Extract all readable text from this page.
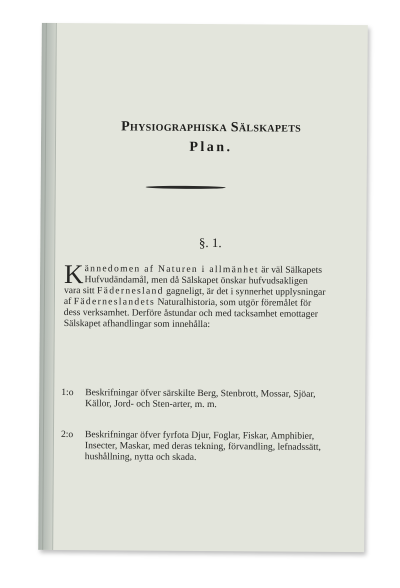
Physiographiska Sälskapets
Plan.
§. 1.

Kännedomen af Naturen i allmänhet är väl Sälkapets Hufvudändamål, men då Sälskapet önskar hufvudsakligen vara sitt Fädernesland gagneligt, är det i synnerhet upplysningar af Fäderneslandets Naturalhistoria, som utgör föremålet för dess verksamhet. Derföre åstundar och med tacksamhet emottager Sälskapet afhandlingar som innehålla:

1:o	Beskrifningar öfver särskilte Berg, Stenbrott, Mossar, Sjöar, Källor, Jord- och Sten-arter, m. m.
2:o	Beskrifningar öfver fyrfota Djur, Foglar, Fiskar, Amphibier, Insecter, Maskar, med deras tekning, förvandling, lefnadssätt, hushållning, nytta och skada.
